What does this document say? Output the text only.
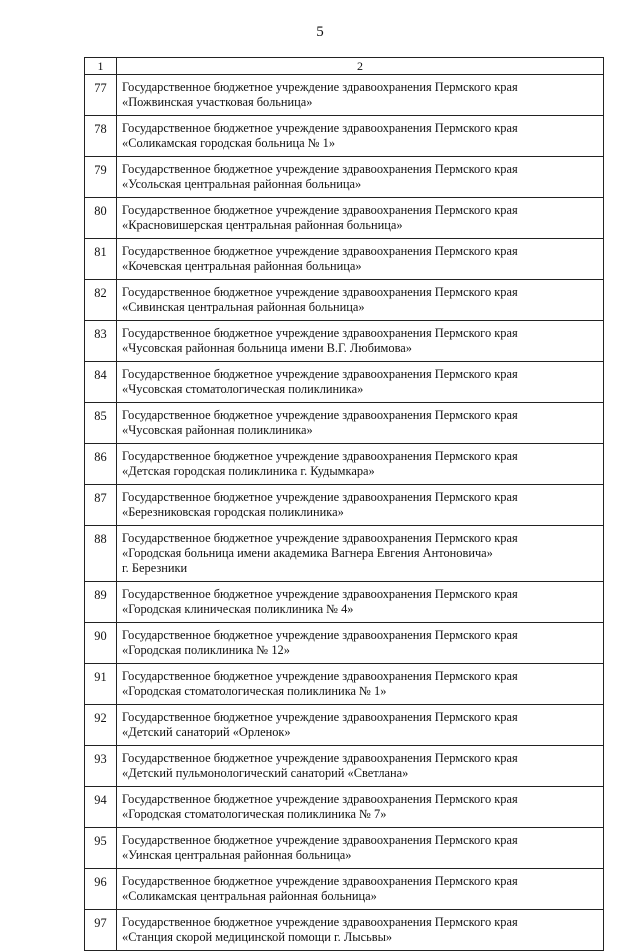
5
1	2
77	Государственное бюджетное учреждение здравоохранения Пермского края
«Пожвинская участковая больница»

78	Государственное бюджетное учреждение здравоохранения Пермского края
«Соликамская городская больница № 1»

79	Государственное бюджетное учреждение здравоохранения Пермского края
«Усольская центральная районная больница»

80	Государственное бюджетное учреждение здравоохранения Пермского края
«Красновишерская центральная районная больница»

81	Государственное бюджетное учреждение здравоохранения Пермского края
«Кочевская центральная районная больница»

82	Государственное бюджетное учреждение здравоохранения Пермского края
«Сивинская центральная районная больница»

83	Государственное бюджетное учреждение здравоохранения Пермского края
«Чусовская районная больница имени В.Г. Любимова»

84	Государственное бюджетное учреждение здравоохранения Пермского края
«Чусовская стоматологическая поликлиника»

85	Государственное бюджетное учреждение здравоохранения Пермского края
«Чусовская районная поликлиника»

86	Государственное бюджетное учреждение здравоохранения Пермского края
«Детская городская поликлиника г. Кудымкара»

87	Государственное бюджетное учреждение здравоохранения Пермского края
«Березниковская городская поликлиника»

88	Государственное бюджетное учреждение здравоохранения Пермского края
«Городская больница имени академика Вагнера Евгения Антоновича»
г. Березники

89	Государственное бюджетное учреждение здравоохранения Пермского края
«Городская клиническая поликлиника № 4»

90	Государственное бюджетное учреждение здравоохранения Пермского края
«Городская поликлиника № 12»

91	Государственное бюджетное учреждение здравоохранения Пермского края
«Городская стоматологическая поликлиника № 1»

92	Государственное бюджетное учреждение здравоохранения Пермского края
«Детский санаторий «Орленок»

93	Государственное бюджетное учреждение здравоохранения Пермского края
«Детский пульмонологический санаторий «Светлана»

94	Государственное бюджетное учреждение здравоохранения Пермского края
«Городская стоматологическая поликлиника № 7»

95	Государственное бюджетное учреждение здравоохранения Пермского края
«Уинская центральная районная больница»

96	Государственное бюджетное учреждение здравоохранения Пермского края
«Соликамская центральная районная больница»

97	Государственное бюджетное учреждение здравоохранения Пермского края
«Станция скорой медицинской помощи г. Лысьвы»
